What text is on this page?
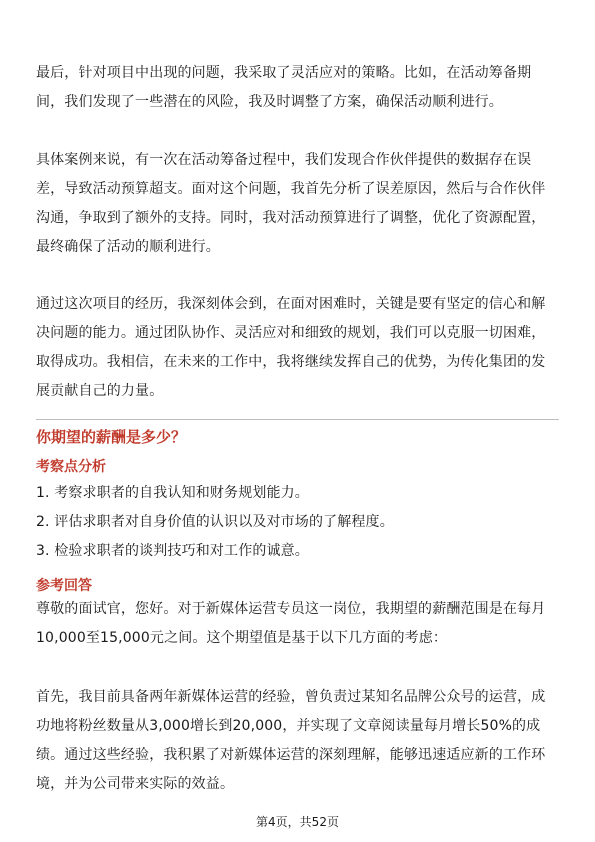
最后，针对项目中出现的问题，我采取了灵活应对的策略。比如，在活动筹备期
间，我们发现了一些潜在的风险，我及时调整了方案，确保活动顺利进行。

具体案例来说，有一次在活动筹备过程中，我们发现合作伙伴提供的数据存在误
差，导致活动预算超支。面对这个问题，我首先分析了误差原因，然后与合作伙伴
沟通，争取到了额外的支持。同时，我对活动预算进行了调整，优化了资源配置，
最终确保了活动的顺利进行。

通过这次项目的经历，我深刻体会到，在面对困难时，关键是要有坚定的信心和解
决问题的能力。通过团队协作、灵活应对和细致的规划，我们可以克服一切困难，
取得成功。我相信，在未来的工作中，我将继续发挥自己的优势，为传化集团的发
展贡献自己的力量。

你期望的薪酬是多少？

考察点分析

1. 考察求职者的自我认知和财务规划能力。

2. 评估求职者对自身价值的认识以及对市场的了解程度。

3. 检验求职者的谈判技巧和对工作的诚意。

参考回答

尊敬的面试官，您好。对于新媒体运营专员这一岗位，我期望的薪酬范围是在每月
10,000至15,000元之间。这个期望值是基于以下几方面的考虑：

首先，我目前具备两年新媒体运营的经验，曾负责过某知名品牌公众号的运营，成
功地将粉丝数量从3,000增长到20,000，并实现了文章阅读量每月增长50%的成
绩。通过这些经验，我积累了对新媒体运营的深刻理解，能够迅速适应新的工作环
境，并为公司带来实际的效益。

第4页，共52页
